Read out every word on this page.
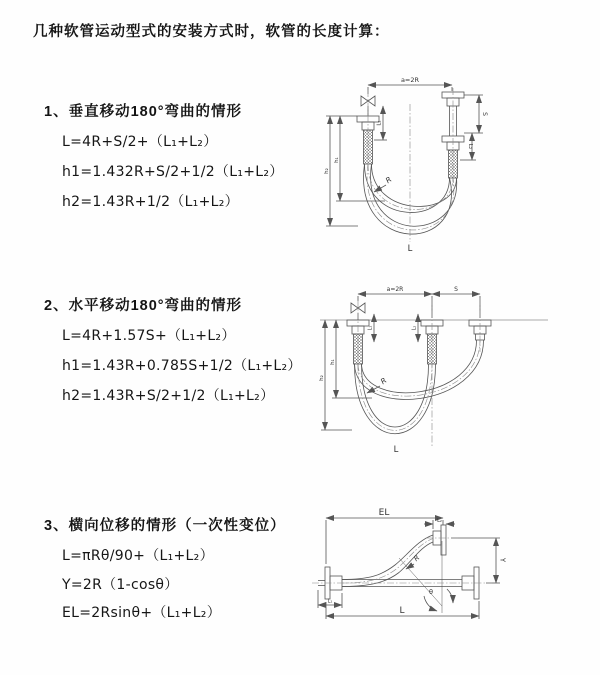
几种软管运动型式的安装方式时，软管的长度计算：
1、垂直移动180°弯曲的情形

L=4R+S/2+（L₁+L₂）

h1=1.432R+S/2+1/2（L₁+L₂）

h2=1.43R+1/2（L₁+L₂）

a=2R
L₁
S
L₂
h₁
h₂
R
L
2、水平移动180°弯曲的情形

L=4R+1.57S+（L₁+L₂）

h1=1.43R+0.785S+1/2（L₁+L₂）

h2=1.43R+S/2+1/2（L₁+L₂）

a=2R	S
L₁	L₂
h₁
h₂	R
L
3、横向位移的情形（一次性变位）

L=πRθ/90+（L₁+L₂）

Y=2R（1-cosθ）

EL=2Rsinθ+（L₁+L₂）

EL
L₂
Y
R
θ
L
L₁
